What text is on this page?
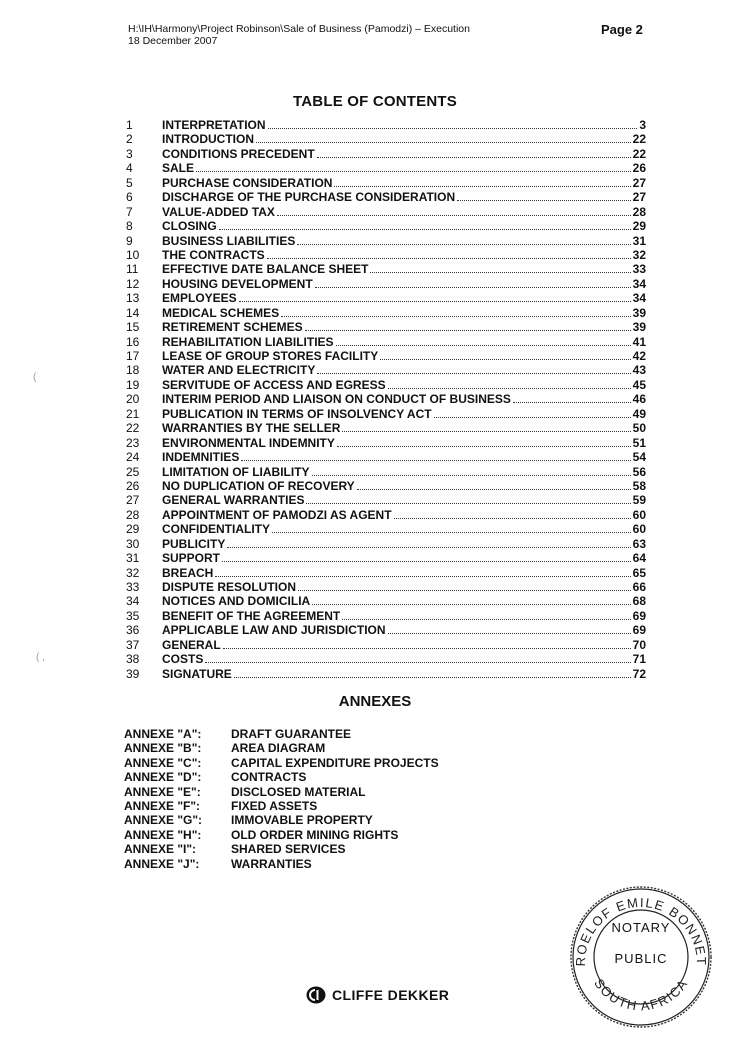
H:\IH\Harmony\Project Robinson\Sale of Business (Pamodzi) – Execution
18 December 2007
Page 2
TABLE OF CONTENTS
1 INTERPRETATION	3
2 INTRODUCTION	22
3 CONDITIONS PRECEDENT	22
4 SALE	26
5 PURCHASE CONSIDERATION	27
6 DISCHARGE OF THE PURCHASE CONSIDERATION	27
7 VALUE-ADDED TAX	28
8 CLOSING	29
9 BUSINESS LIABILITIES	31
10 THE CONTRACTS	32
11 EFFECTIVE DATE BALANCE SHEET	33
12 HOUSING DEVELOPMENT	34
13 EMPLOYEES	34
14 MEDICAL SCHEMES	39
15 RETIREMENT SCHEMES	39
16 REHABILITATION LIABILITIES	41
17 LEASE OF GROUP STORES FACILITY	42
18 WATER AND ELECTRICITY	43
19 SERVITUDE OF ACCESS AND EGRESS	45
20 INTERIM PERIOD AND LIAISON ON CONDUCT OF BUSINESS	46
21 PUBLICATION IN TERMS OF INSOLVENCY ACT	49
22 WARRANTIES BY THE SELLER	50
23 ENVIRONMENTAL INDEMNITY	51
24 INDEMNITIES	54
25 LIMITATION OF LIABILITY	56
26 NO DUPLICATION OF RECOVERY	58
27 GENERAL WARRANTIES	59
28 APPOINTMENT OF PAMODZI AS AGENT	60
29 CONFIDENTIALITY	60
30 PUBLICITY	63
31 SUPPORT	64
32 BREACH	65
33 DISPUTE RESOLUTION	66
34 NOTICES AND DOMICILIA	68
35 BENEFIT OF THE AGREEMENT	69
36 APPLICABLE LAW AND JURISDICTION	69
37 GENERAL	70
38 COSTS	71
39 SIGNATURE	72
ANNEXES
ANNEXE "A": DRAFT GUARANTEE
ANNEXE "B": AREA DIAGRAM
ANNEXE "C": CAPITAL EXPENDITURE PROJECTS
ANNEXE "D": CONTRACTS
ANNEXE "E":	DISCLOSED MATERIAL
ANNEXE "F":	FIXED ASSETS
ANNEXE "G": IMMOVABLE PROPERTY
ANNEXE "H": OLD ORDER MINING RIGHTS
ANNEXE "I":	SHARED SERVICES
ANNEXE "J":	WARRANTIES
ROELOF EMILE BONNET
SOUTH AFRICA
NOTARY
PUBLIC
CLIFFE DEKKER
(
( ,
